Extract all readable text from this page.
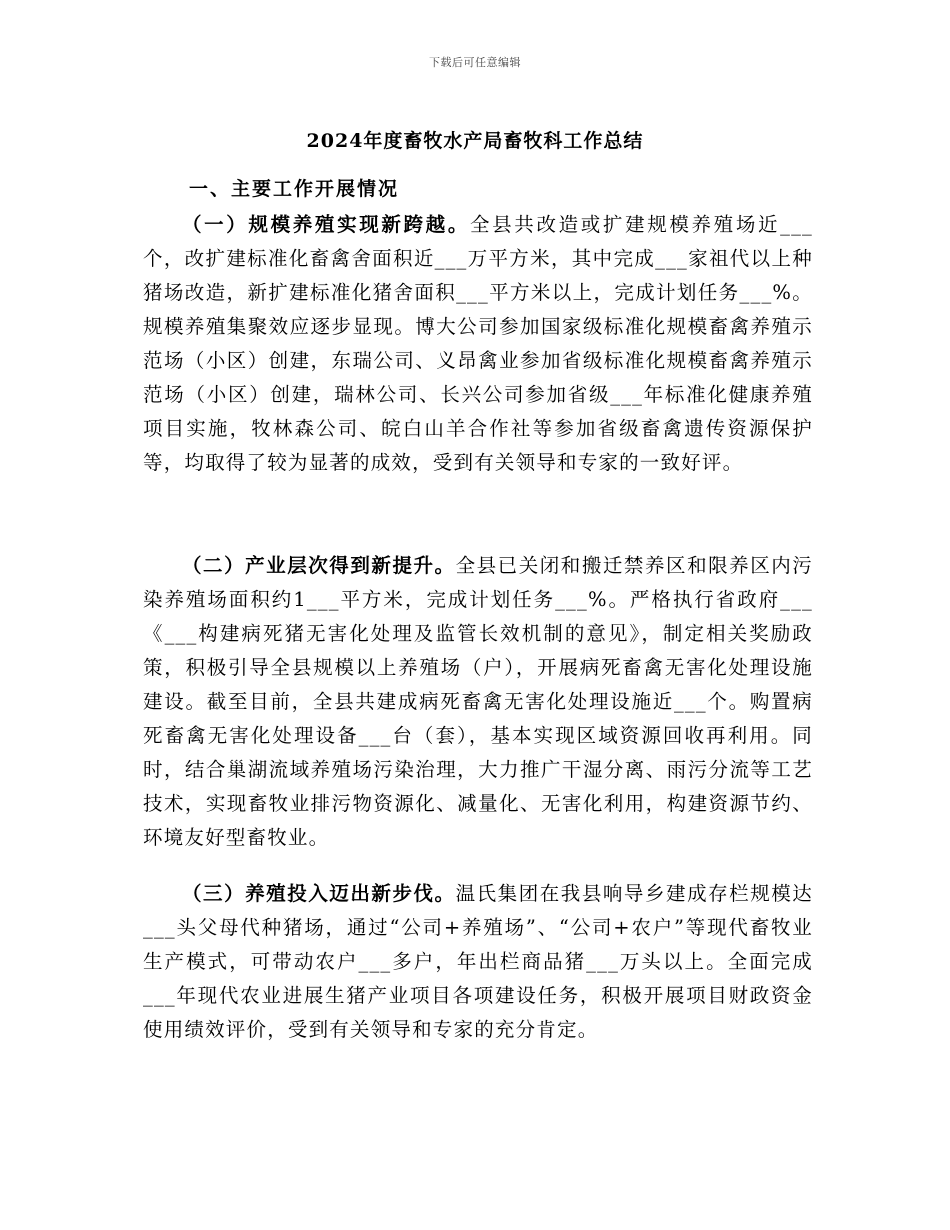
下载后可任意编辑
2024年度畜牧水产局畜牧科工作总结
一、主要工作开展情况

（一）规模养殖实现新跨越。全县共改造或扩建规模养殖场近___个，改扩建标准化畜禽舍面积近___万平方米，其中完成___家祖代以上种猪场改造，新扩建标准化猪舍面积___平方米以上，完成计划任务___%。规模养殖集聚效应逐步显现。博大公司参加国家级标准化规模畜禽养殖示范场（小区）创建，东瑞公司、义昂禽业参加省级标准化规模畜禽养殖示范场（小区）创建，瑞林公司、长兴公司参加省级___年标准化健康养殖项目实施，牧林森公司、皖白山羊合作社等参加省级畜禽遗传资源保护等，均取得了较为显著的成效，受到有关领导和专家的一致好评。

（二）产业层次得到新提升。全县已关闭和搬迁禁养区和限养区内污染养殖场面积约1___平方米，完成计划任务___%。严格执行省政府___《___构建病死猪无害化处理及监管长效机制的意见》，制定相关奖励政策，积极引导全县规模以上养殖场（户），开展病死畜禽无害化处理设施建设。截至目前，全县共建成病死畜禽无害化处理设施近___个。购置病死畜禽无害化处理设备___台（套），基本实现区域资源回收再利用。同时，结合巢湖流域养殖场污染治理，大力推广干湿分离、雨污分流等工艺技术，实现畜牧业排污物资源化、减量化、无害化利用，构建资源节约、环境友好型畜牧业。

（三）养殖投入迈出新步伐。温氏集团在我县响导乡建成存栏规模达___头父母代种猪场，通过“公司+养殖场”、“公司+农户”等现代畜牧业生产模式，可带动农户___多户，年出栏商品猪___万头以上。全面完成___年现代农业进展生猪产业项目各项建设任务，积极开展项目财政资金使用绩效评价，受到有关领导和专家的充分肯定。
